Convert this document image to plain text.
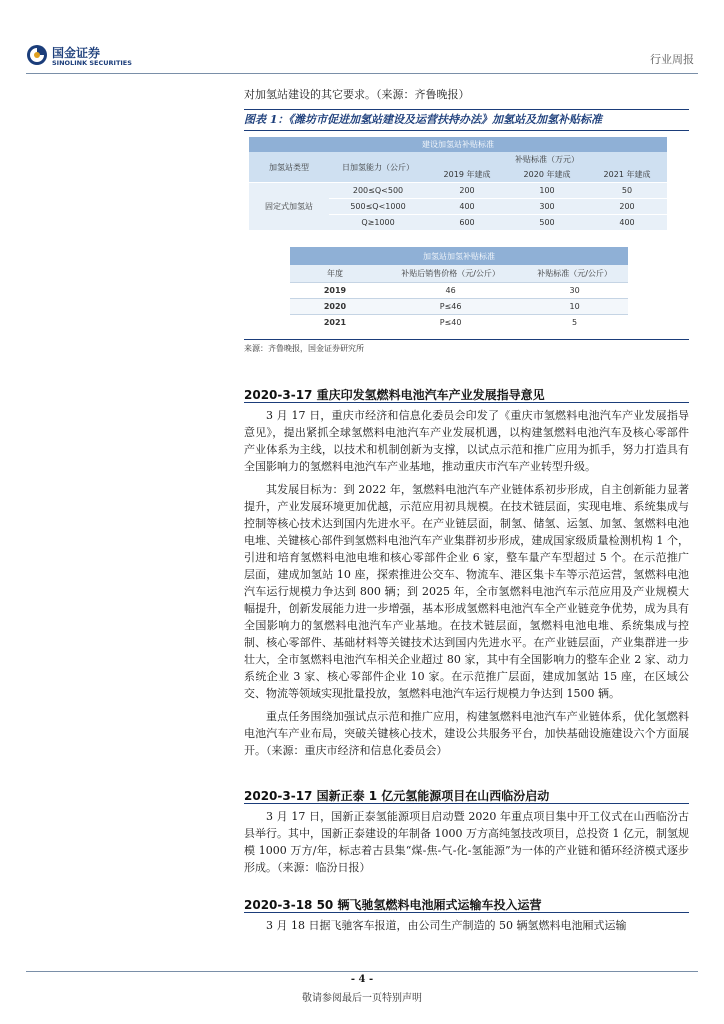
国金证券
SINOLINK SECURITIES	行业周报

对加氢站建设的其它要求。（来源：齐鲁晚报）

图表 1：《潍坊市促进加氢站建设及运营扶持办法》加氢站及加氢补贴标准
建设加氢站补贴标准				
加氢站类型	日加氢能力（公斤）	补贴标准（万元）		
		2019 年建成	2020 年建成	2021 年建成
固定式加氢站	200≤Q<500	200	100	50
	500≤Q<1000	400	300	200
	Q≥1000	600	500	400
加氢站加氢补贴标准		
年度	补贴后销售价格（元/公斤）	补贴标准（元/公斤）
2019	46	30
2020	P≤46	10
2021	P≤40	5
来源：齐鲁晚报，国金证券研究所
2020-3-17 重庆印发氢燃料电池汽车产业发展指导意见

3 月 17 日，重庆市经济和信息化委员会印发了《重庆市氢燃料电池汽车产业发展指导意见》，提出紧抓全球氢燃料电池汽车产业发展机遇，以构建氢燃料电池汽车及核心零部件产业体系为主线，以技术和机制创新为支撑，以试点示范和推广应用为抓手，努力打造具有全国影响力的氢燃料电池汽车产业基地，推动重庆市汽车产业转型升级。

其发展目标为：到 2022 年，氢燃料电池汽车产业链体系初步形成，自主创新能力显著提升，产业发展环境更加优越，示范应用初具规模。在技术链层面，实现电堆、系统集成与控制等核心技术达到国内先进水平。在产业链层面，制氢、储氢、运氢、加氢、氢燃料电池电堆、关键核心部件到氢燃料电池汽车产业集群初步形成，建成国家级质量检测机构 1 个，引进和培育氢燃料电池电堆和核心零部件企业 6 家，整车量产车型超过 5 个。在示范推广层面，建成加氢站 10 座，探索推进公交车、物流车、港区集卡车等示范运营，氢燃料电池汽车运行规模力争达到 800 辆；到 2025 年，全市氢燃料电池汽车示范应用及产业规模大幅提升，创新发展能力进一步增强，基本形成氢燃料电池汽车全产业链竞争优势，成为具有全国影响力的氢燃料电池汽车产业基地。在技术链层面，氢燃料电池电堆、系统集成与控制、核心零部件、基础材料等关键技术达到国内先进水平。在产业链层面，产业集群进一步壮大，全市氢燃料电池汽车相关企业超过 80 家，其中有全国影响力的整车企业 2 家、动力系统企业 3 家、核心零部件企业 10 家。在示范推广层面，建成加氢站 15 座，在区域公交、物流等领域实现批量投放，氢燃料电池汽车运行规模力争达到 1500 辆。

重点任务围绕加强试点示范和推广应用，构建氢燃料电池汽车产业链体系，优化氢燃料电池汽车产业布局，突破关键核心技术，建设公共服务平台，加快基础设施建设六个方面展开。（来源：重庆市经济和信息化委员会）

2020-3-17 国新正泰 1 亿元氢能源项目在山西临汾启动

3 月 17 日，国新正泰氢能源项目启动暨 2020 年重点项目集中开工仪式在山西临汾古县举行。其中，国新正泰建设的年制备 1000 万方高纯氢技改项目，总投资 1 亿元，制氢规模 1000 万方/年，标志着古县集“煤-焦-气-化-氢能源”为一体的产业链和循环经济模式逐步形成。（来源：临汾日报）

2020-3-18 50 辆飞驰氢燃料电池厢式运输车投入运营

3 月 18 日据飞驰客车报道，由公司生产制造的 50 辆氢燃料电池厢式运输

- 4 -
敬请参阅最后一页特别声明
